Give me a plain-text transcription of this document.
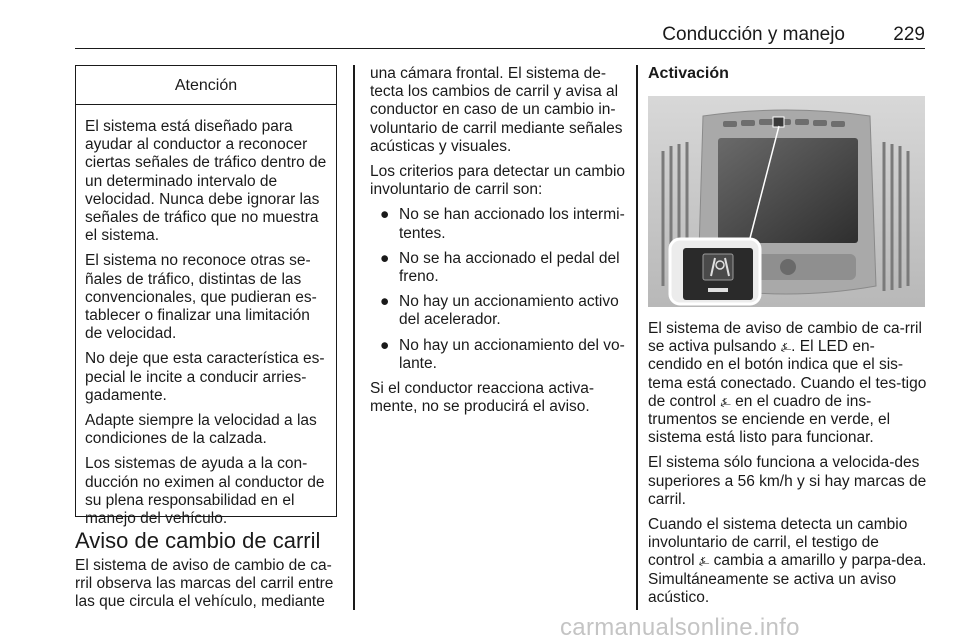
Conducción y manejo	229
Atención

El sistema está diseñado para ayudar al conductor a reconocer ciertas señales de tráfico dentro de un determinado intervalo de velocidad. Nunca debe ignorar las señales de tráfico que no muestra el sistema.

El sistema no reconoce otras se-ñales de tráfico, distintas de las convencionales, que pudieran es-tablecer o finalizar una limitación de velocidad.

No deje que esta característica es-pecial le incite a conducir arries-gadamente.

Adapte siempre la velocidad a las condiciones de la calzada.

Los sistemas de ayuda a la con-ducción no eximen al conductor de su plena responsabilidad en el manejo del vehículo.

Aviso de cambio de carril

El sistema de aviso de cambio de ca-rril observa las marcas del carril entre las que circula el vehículo, mediante

una cámara frontal. El sistema de-tecta los cambios de carril y avisa al conductor en caso de un cambio in-voluntario de carril mediante señales acústicas y visuales.

Los criterios para detectar un cambio involuntario de carril son:

● No se han accionado los intermi-tentes.
● No se ha accionado el pedal del freno.
● No hay un accionamiento activo del acelerador.
● No hay un accionamiento del vo-lante.

Si el conductor reacciona activa-mente, no se producirá el aviso.

Activación

El sistema de aviso de cambio de ca-rril se activa pulsando ⍼. El LED en-cendido en el botón indica que el sis-tema está conectado. Cuando el tes-tigo de control ⍼ en el cuadro de ins-trumentos se enciende en verde, el sistema está listo para funcionar.

El sistema sólo funciona a velocida-des superiores a 56 km/h y si hay marcas de carril.

Cuando el sistema detecta un cambio involuntario de carril, el testigo de control ⍼ cambia a amarillo y parpa-dea. Simultáneamente se activa un aviso acústico.

carmanualsonline.info
